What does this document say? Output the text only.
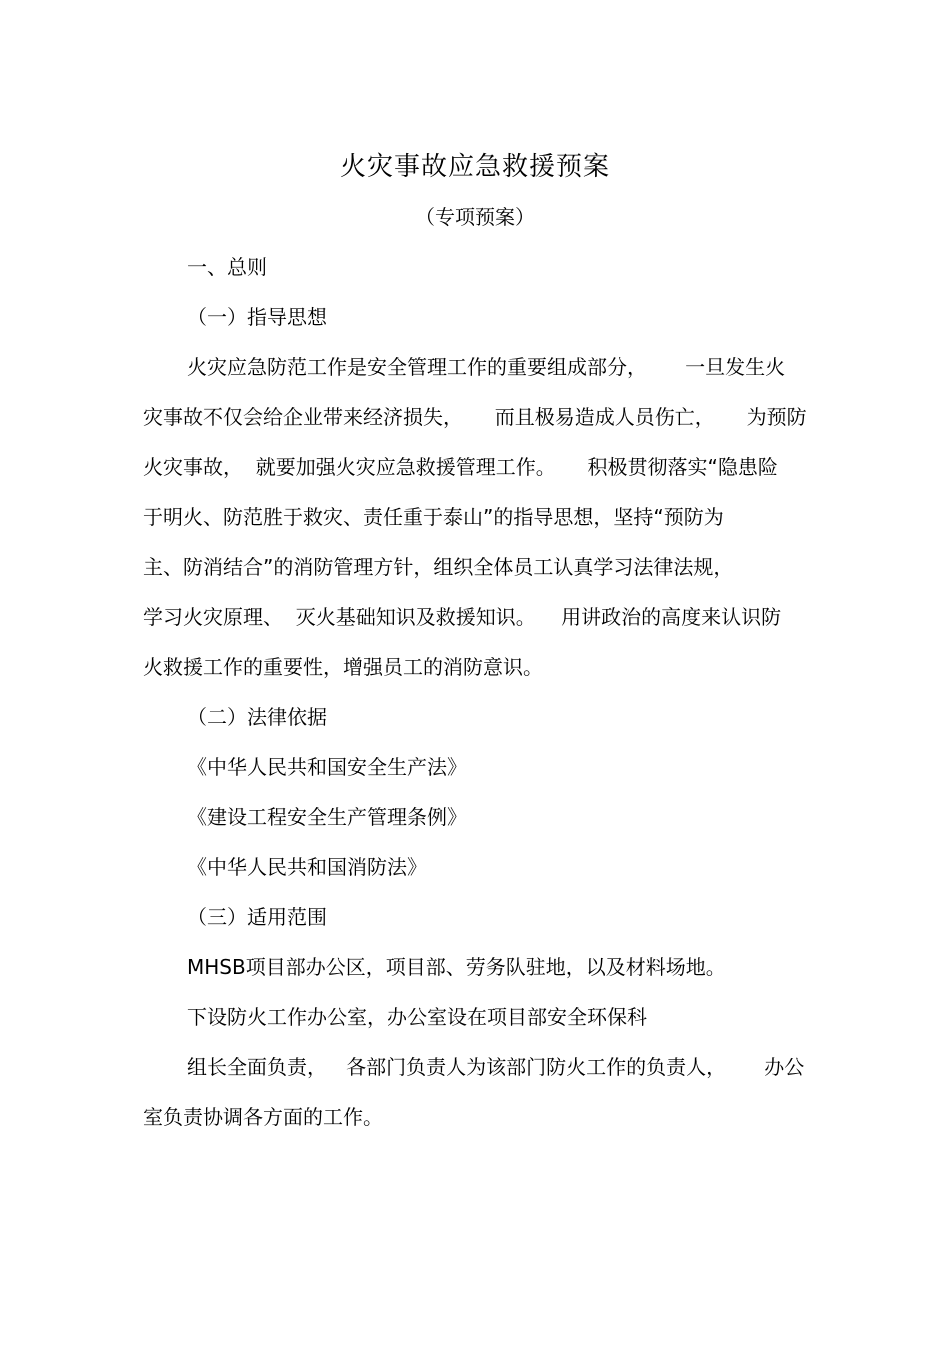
火灾事故应急救援预案
（专项预案）
一、总则
（一）指导思想
火灾应急防范工作是安全管理工作的重要组成部分，      一旦发生火
灾事故不仅会给企业带来经济损失，     而且极易造成人员伤亡，     为预防
火灾事故，  就要加强火灾应急救援管理工作。     积极贯彻落实“隐患险
于明火、防范胜于救灾、责任重于泰山”的指导思想，坚持“预防为
主、防消结合”的消防管理方针，组织全体员工认真学习法律法规，
学习火灾原理、  灭火基础知识及救援知识。    用讲政治的高度来认识防
火救援工作的重要性，增强员工的消防意识。
（二）法律依据
《中华人民共和国安全生产法》
《建设工程安全生产管理条例》
《中华人民共和国消防法》
（三）适用范围
MHSB项目部办公区，项目部、劳务队驻地，以及材料场地。
下设防火工作办公室，办公室设在项目部安全环保科
组长全面负责，   各部门负责人为该部门防火工作的负责人，      办公
室负责协调各方面的工作。
